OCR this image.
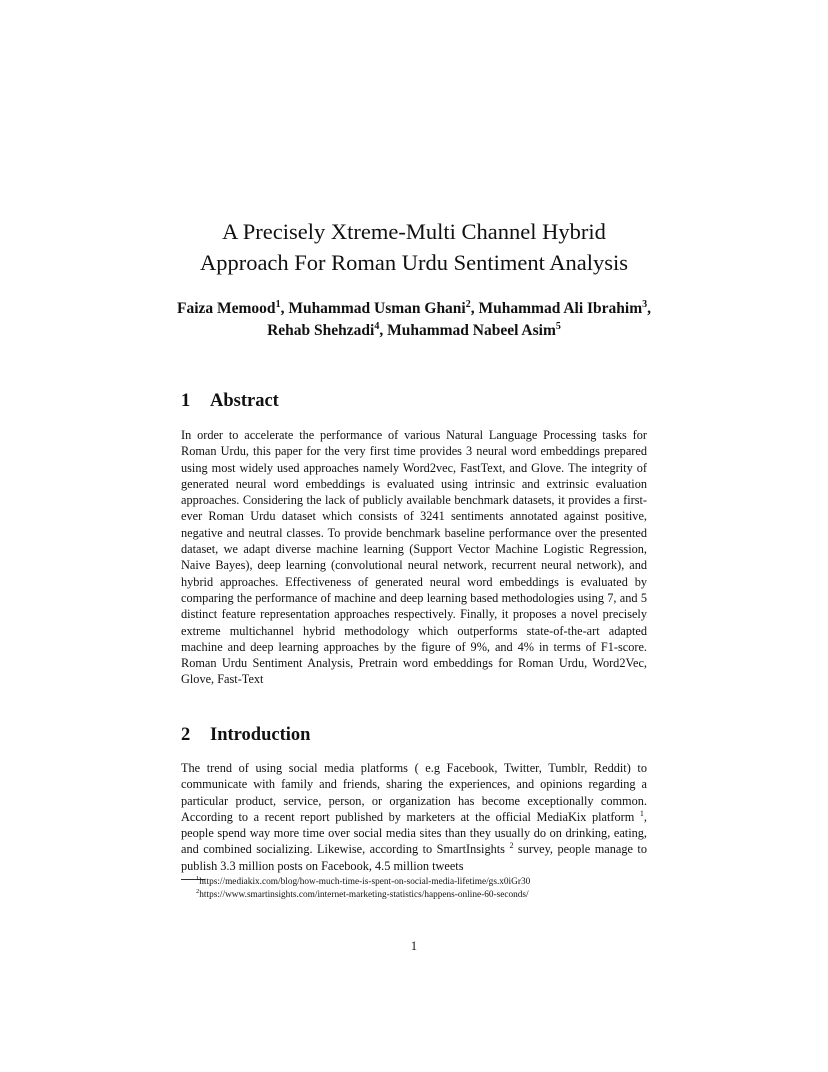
A Precisely Xtreme-Multi Channel Hybrid
Approach For Roman Urdu Sentiment Analysis
Faiza Memood$^1$, Muhammad Usman Ghani$^2$, Muhammad Ali Ibrahim$^3$, Rehab Shehzadi$^4$, Muhammad Nabeel Asim$^5$
1 Abstract

In order to accelerate the performance of various Natural Language Processing tasks for Roman Urdu, this paper for the very first time provides 3 neural word embeddings prepared using most widely used approaches namely Word2vec, FastText, and Glove. The integrity of generated neural word embeddings is evaluated using intrinsic and extrinsic evaluation approaches. Considering the lack of publicly available benchmark datasets, it provides a first-ever Roman Urdu dataset which consists of 3241 sentiments annotated against positive, negative and neutral classes. To provide benchmark baseline performance over the presented dataset, we adapt diverse machine learning (Support Vector Machine Logistic Regression, Naive Bayes), deep learning (convolutional neural network, recurrent neural network), and hybrid approaches. Effectiveness of generated neural word embeddings is evaluated by comparing the performance of machine and deep learning based methodologies using 7, and 5 distinct feature representation approaches respectively. Finally, it proposes a novel precisely extreme multichannel hybrid methodology which outperforms state-of-the-art adapted machine and deep learning approaches by the figure of 9%, and 4% in terms of F1-score. Roman Urdu Sentiment Analysis, Pretrain word embeddings for Roman Urdu, Word2Vec, Glove, Fast-Text

2 Introduction

The trend of using social media platforms ( e.g Facebook, Twitter, Tumblr, Reddit) to communicate with family and friends, sharing the experiences, and opinions regarding a particular product, service, person, or organization has become exceptionally common. According to a recent report published by marketers at the official MediaKix platform $^1$, people spend way more time over social media sites than they usually do on drinking, eating, and combined socializing. Likewise, according to SmartInsights $^2$ survey, people manage to publish 3.3 million posts on Facebook, 4.5 million tweets

$^1$https://mediakix.com/blog/how-much-time-is-spent-on-social-media-lifetime/gs.x0iGr30
$^2$https://www.smartinsights.com/internet-marketing-statistics/happens-online-60-seconds/
1
